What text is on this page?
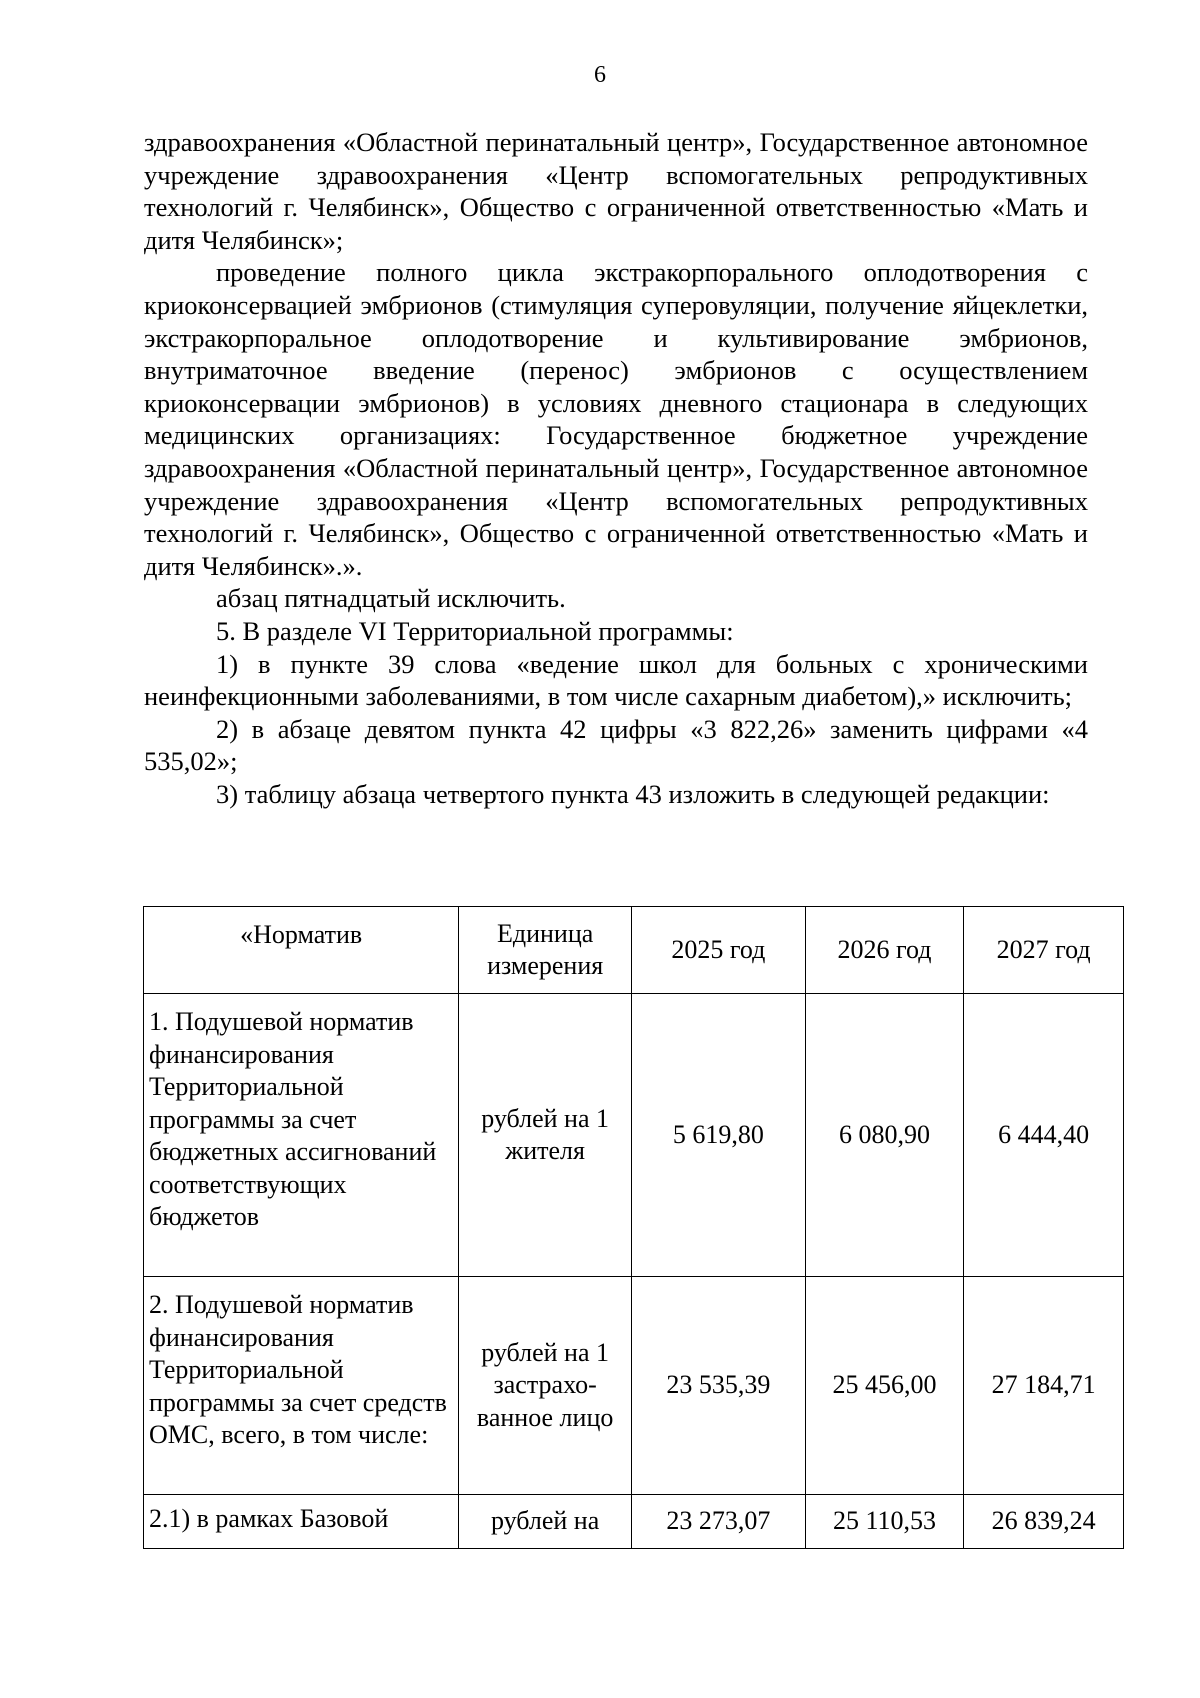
6

здравоохранения «Областной перинатальный центр», Государственное автономное учреждение здравоохранения «Центр вспомогательных репродуктивных технологий г. Челябинск», Общество с ограниченной ответственностью «Мать и дитя Челябинск»;

проведение полного цикла экстракорпорального оплодотворения с криоконсервацией эмбрионов (стимуляция суперовуляции, получение яйцеклетки, экстракорпоральное оплодотворение и культивирование эмбрионов, внутриматочное введение (перенос) эмбрионов с осуществлением криоконсервации эмбрионов) в условиях дневного стационара в следующих медицинских организациях: Государственное бюджетное учреждение здравоохранения «Областной перинатальный центр», Государственное автономное учреждение здравоохранения «Центр вспомогательных репродуктивных технологий г. Челябинск», Общество с ограниченной ответственностью «Мать и дитя Челябинск».».

абзац пятнадцатый исключить.

5. В разделе VI Территориальной программы:

1) в пункте 39 слова «ведение школ для больных с хроническими неинфекционными заболеваниями, в том числе сахарным диабетом),» исключить;

2) в абзаце девятом пункта 42 цифры «3 822,26» заменить цифрами «4 535,02»;

3) таблицу абзаца четвертого пункта 43 изложить в следующей редакции:

«Норматив	Единица измерения	2025 год	2026 год	2027 год
1. Подушевой норматив финансирования Территориальной программы за счет бюджетных ассигнований соответствующих бюджетов	рублей на 1 жителя	5 619,80	6 080,90	6 444,40
2. Подушевой норматив финансирования Территориальной программы за счет средств ОМС, всего, в том числе:	рублей на 1 застрахо-ванное лицо	23 535,39	25 456,00	27 184,71
2.1) в рамках Базовой	рублей на	23 273,07	25 110,53	26 839,24
